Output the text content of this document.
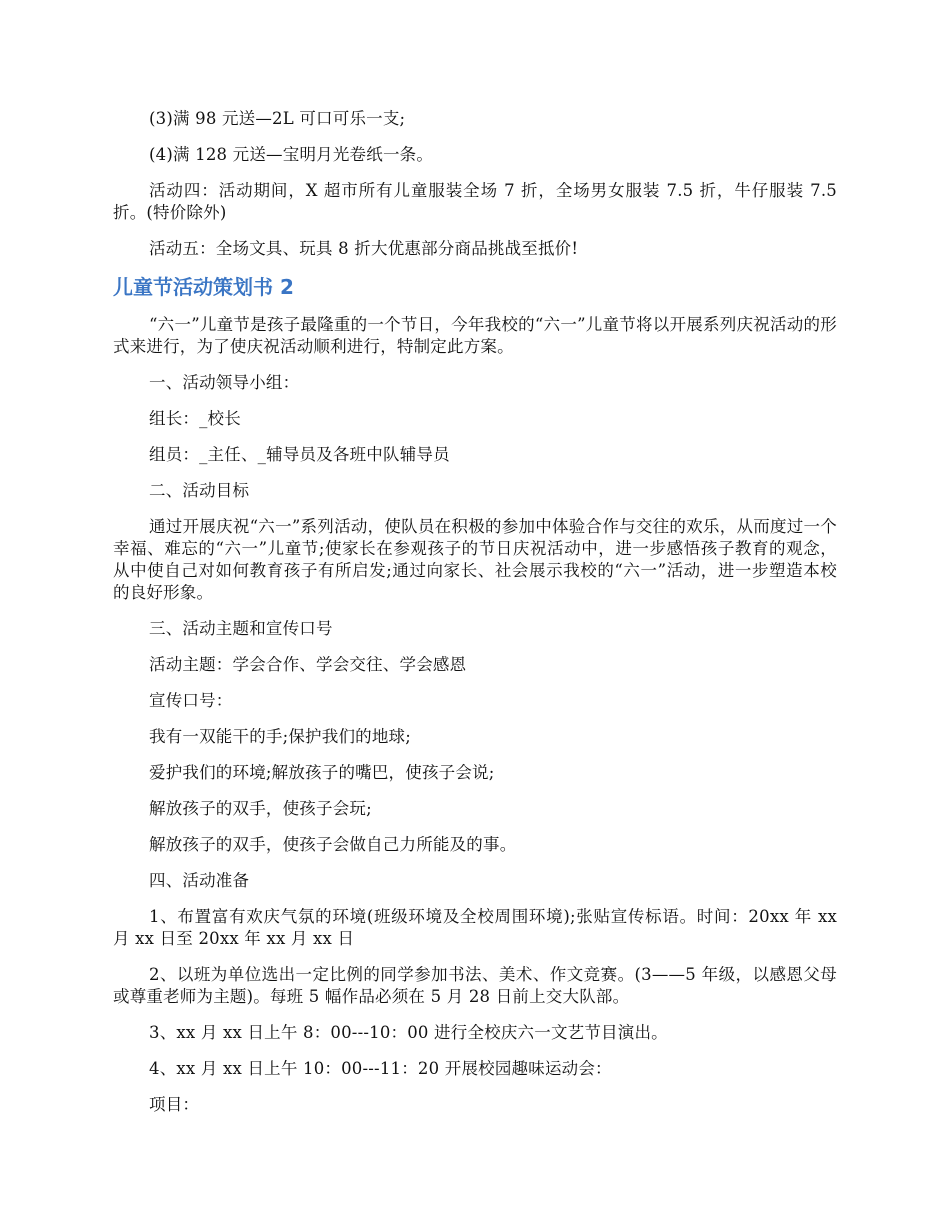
(3)满 98 元送—2L 可口可乐一支;

(4)满 128 元送—宝明月光卷纸一条。

活动四：活动期间，X 超市所有儿童服装全场 7 折，全场男女服装 7.5 折，牛仔服装 7.5 折。(特价除外)

活动五：全场文具、玩具 8 折大优惠部分商品挑战至抵价!

儿童节活动策划书 2

“六一”儿童节是孩子最隆重的一个节日，今年我校的“六一”儿童节将以开展系列庆祝活动的形式来进行，为了使庆祝活动顺利进行，特制定此方案。

一、活动领导小组：

组长：_校长

组员：_主任、_辅导员及各班中队辅导员

二、活动目标

通过开展庆祝“六一”系列活动，使队员在积极的参加中体验合作与交往的欢乐，从而度过一个幸福、难忘的“六一”儿童节;使家长在参观孩子的节日庆祝活动中，进一步感悟孩子教育的观念，从中使自己对如何教育孩子有所启发;通过向家长、社会展示我校的“六一”活动，进一步塑造本校的良好形象。

三、活动主题和宣传口号

活动主题：学会合作、学会交往、学会感恩

宣传口号：

我有一双能干的手;保护我们的地球;

爱护我们的环境;解放孩子的嘴巴，使孩子会说;

解放孩子的双手，使孩子会玩;

解放孩子的双手，使孩子会做自己力所能及的事。

四、活动准备

1、布置富有欢庆气氛的环境(班级环境及全校周围环境);张贴宣传标语。时间：20xx 年 xx 月 xx 日至 20xx 年 xx 月 xx 日

2、以班为单位选出一定比例的同学参加书法、美术、作文竞赛。(3——5 年级，以感恩父母或尊重老师为主题)。每班 5 幅作品必须在 5 月 28 日前上交大队部。

3、xx 月 xx 日上午 8：00---10：00 进行全校庆六一文艺节目演出。

4、xx 月 xx 日上午 10：00---11：20 开展校园趣味运动会：

项目：
